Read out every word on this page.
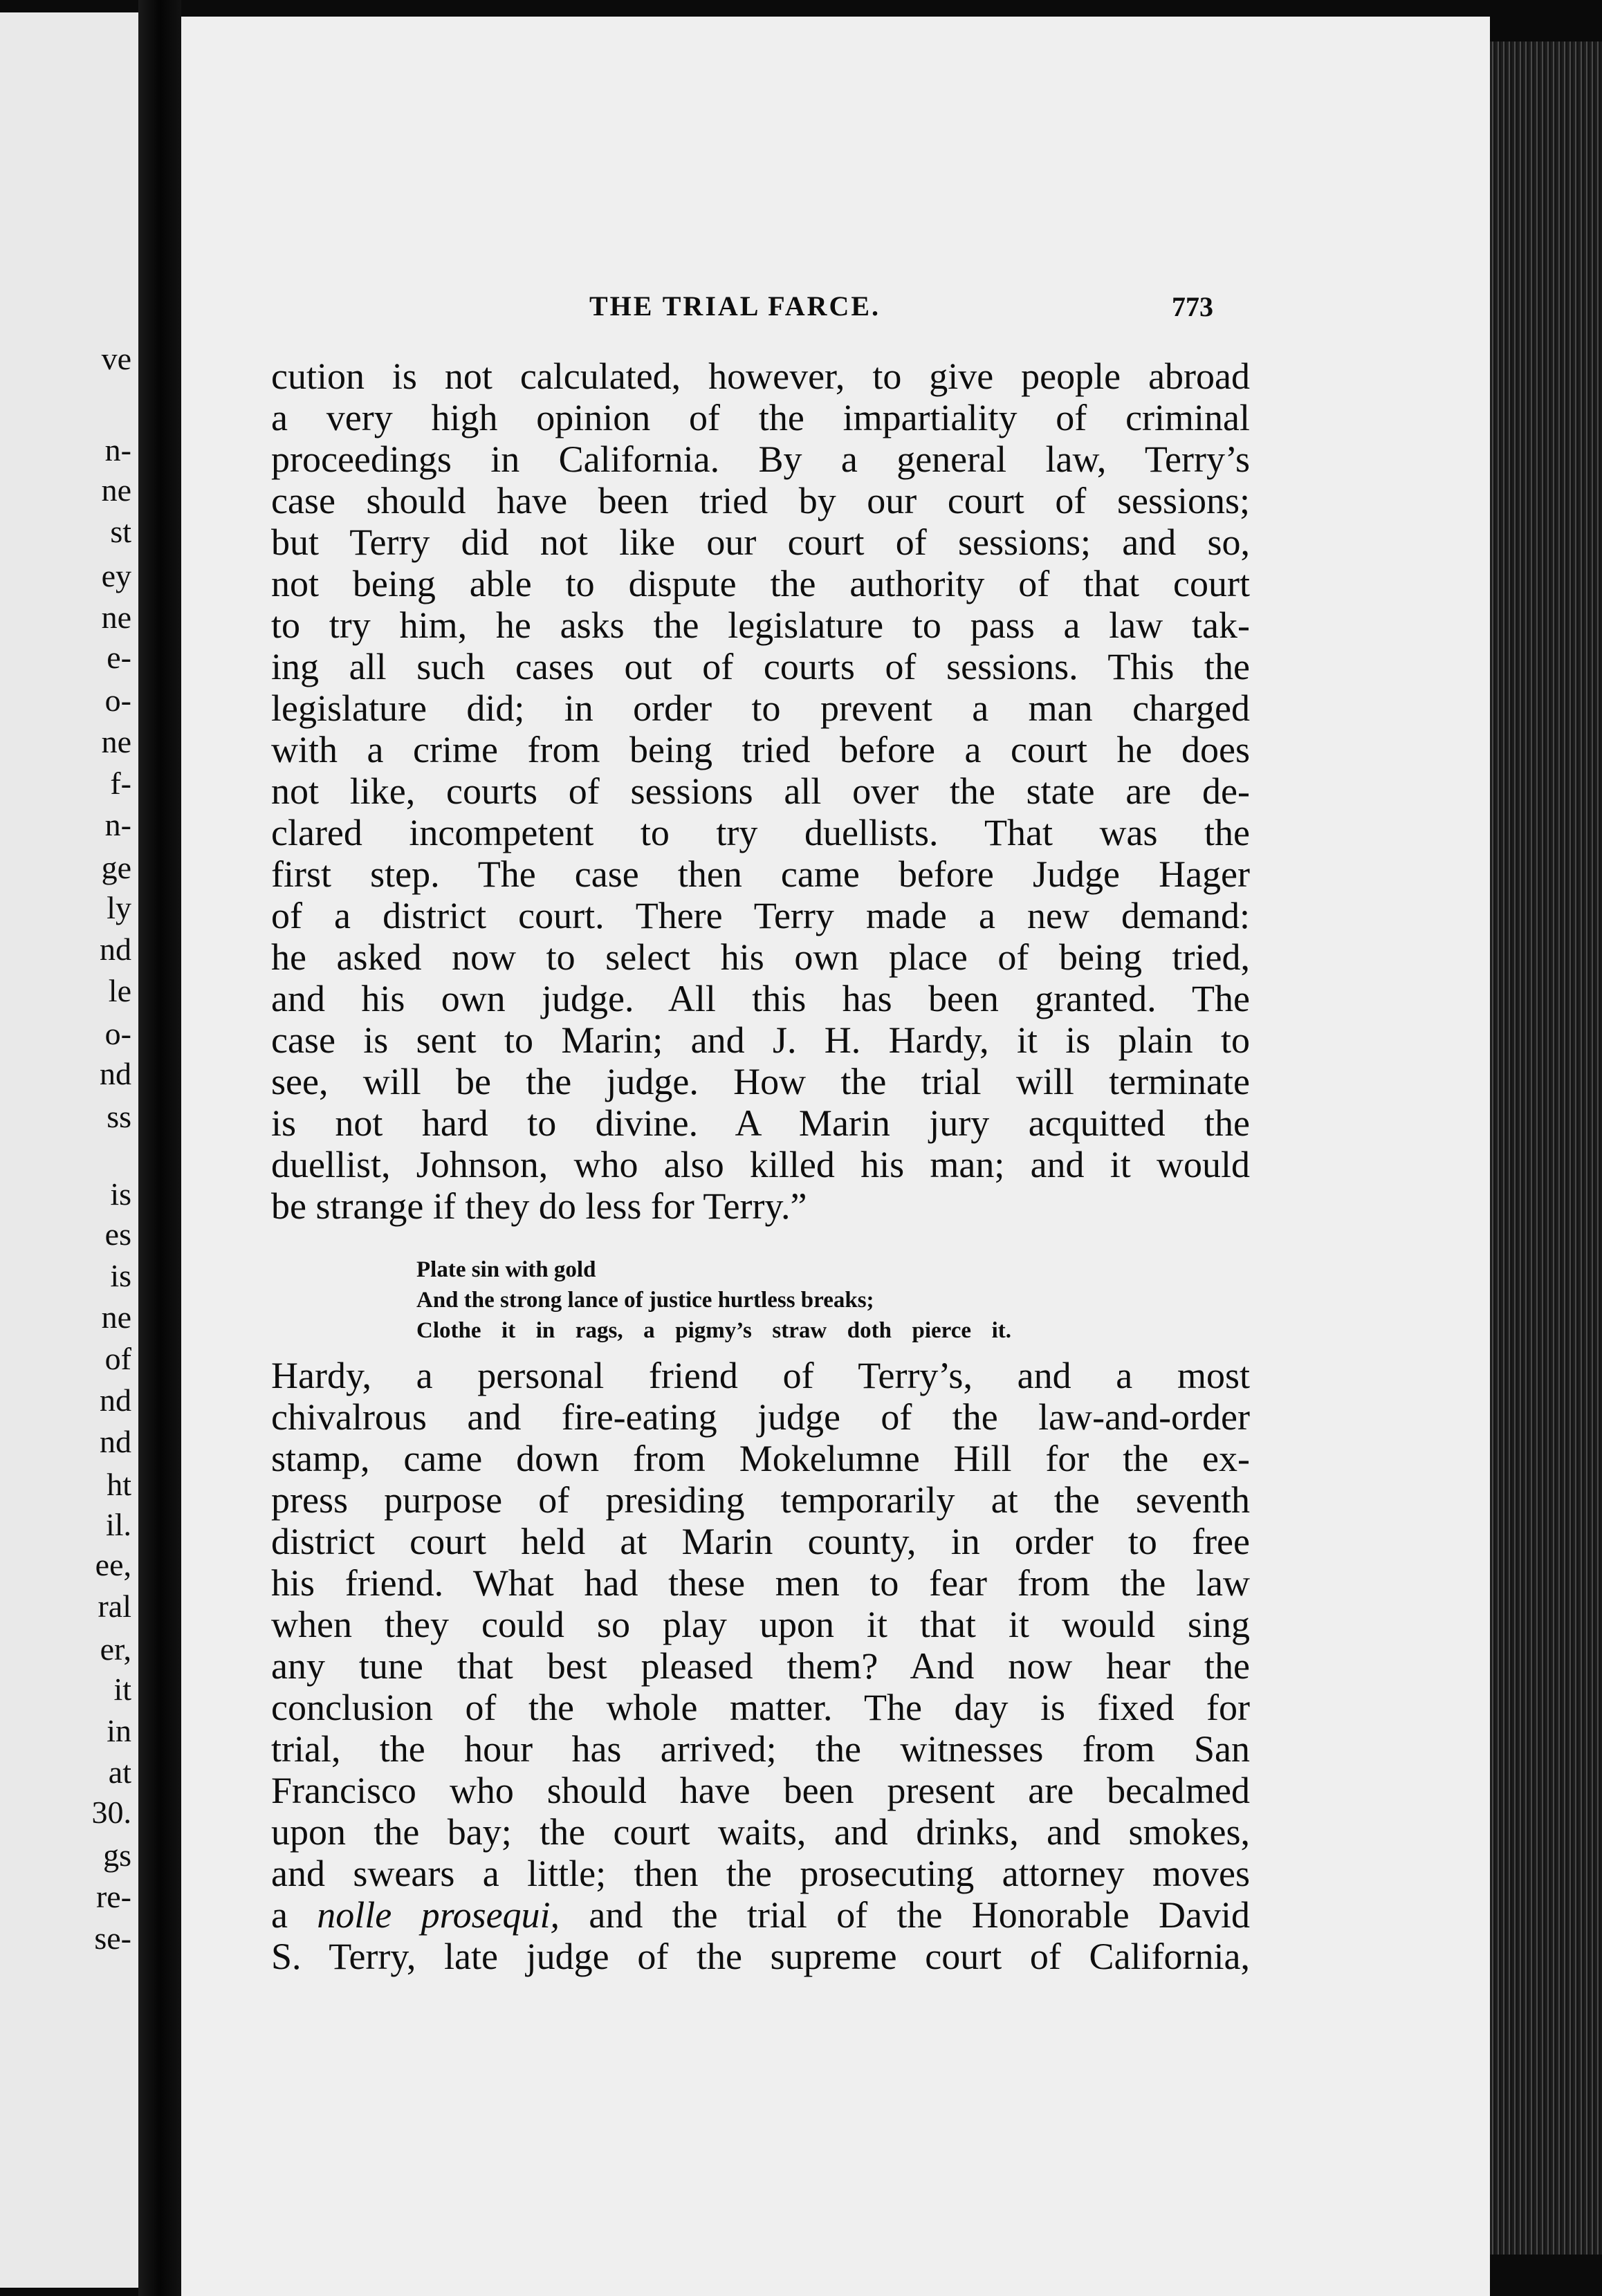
ve
n-
ne
st
ey
ne
e-
o-
ne
f-
n-
ge
ly
nd
le
o-
nd
ss
is
es
is
ne
of
nd
nd
ht
il.
ee,
ral
er,
it
in
at
30.
gs
re-
se-
THE TRIAL FARCE.	773
cution is not calculated, however, to give people abroad
a very high opinion of the impartiality of criminal
proceedings in California. By a general law, Terry’s
case should have been tried by our court of sessions;
but Terry did not like our court of sessions; and so,
not being able to dispute the authority of that court
to try him, he asks the legislature to pass a law tak-
ing all such cases out of courts of sessions. This the
legislature did; in order to prevent a man charged
with a crime from being tried before a court he does
not like, courts of sessions all over the state are de-
clared incompetent to try duellists. That was the
first step. The case then came before Judge Hager
of a district court. There Terry made a new demand:
he asked now to select his own place of being tried,
and his own judge. All this has been granted. The
case is sent to Marin; and J. H. Hardy, it is plain to
see, will be the judge. How the trial will terminate
is not hard to divine. A Marin jury acquitted the
duellist, Johnson, who also killed his man; and it would
be strange if they do less for Terry.”
Plate sin with gold
And the strong lance of justice hurtless breaks;
Clothe it in rags, a pigmy’s straw doth pierce it.
Hardy, a personal friend of Terry’s, and a most
chivalrous and fire-eating judge of the law-and-order
stamp, came down from Mokelumne Hill for the ex-
press purpose of presiding temporarily at the seventh
district court held at Marin county, in order to free
his friend. What had these men to fear from the law
when they could so play upon it that it would sing
any tune that best pleased them? And now hear the
conclusion of the whole matter. The day is fixed for
trial, the hour has arrived; the witnesses from San
Francisco who should have been present are becalmed
upon the bay; the court waits, and drinks, and smokes,
and swears a little; then the prosecuting attorney moves
a nolle prosequi, and the trial of the Honorable David
S. Terry, late judge of the supreme court of California,
